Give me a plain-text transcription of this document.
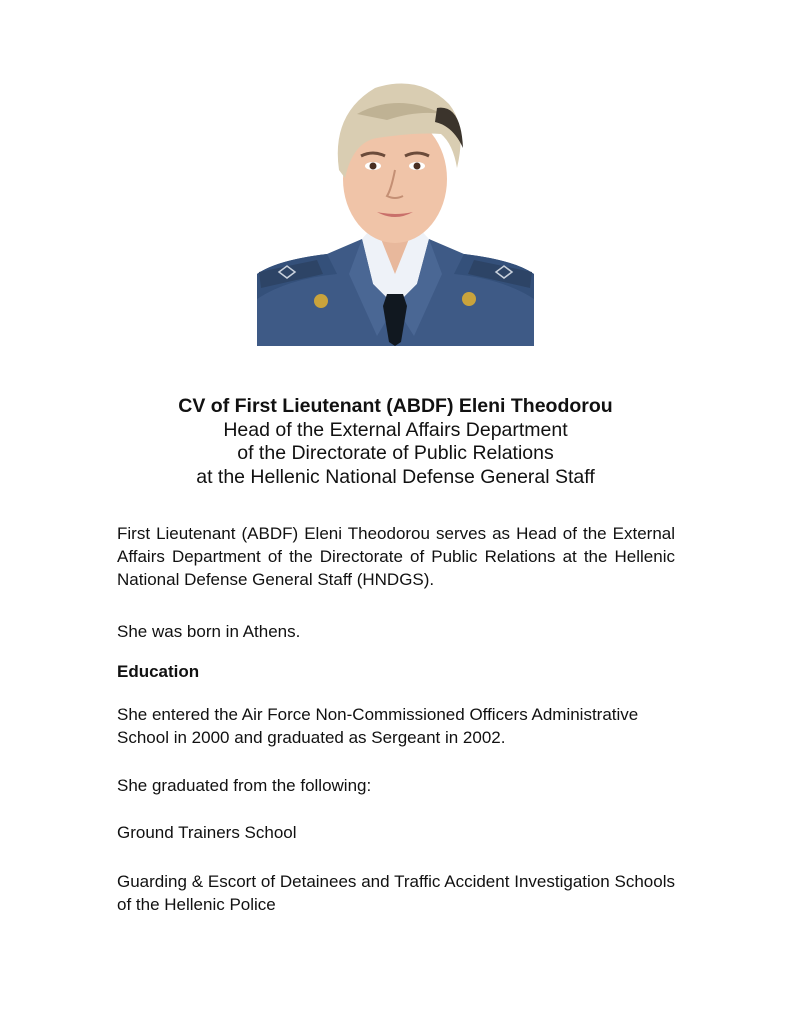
CV of First Lieutenant (ABDF) Eleni Theodorou
Head of the External Affairs Department
of the Directorate of Public Relations
at the Hellenic National Defense General Staff
First Lieutenant (ABDF) Eleni Theodorou serves as Head of the External Affairs Department of the Directorate of Public Relations at the Hellenic National Defense General Staff (HNDGS).
She was born in Athens.
Education
She entered the Air Force Non-Commissioned Officers Administrative School in 2000 and graduated as Sergeant in 2002.
She graduated from the following:
Ground Trainers School
Guarding & Escort of Detainees and Traffic Accident Investigation Schools of the Hellenic Police
